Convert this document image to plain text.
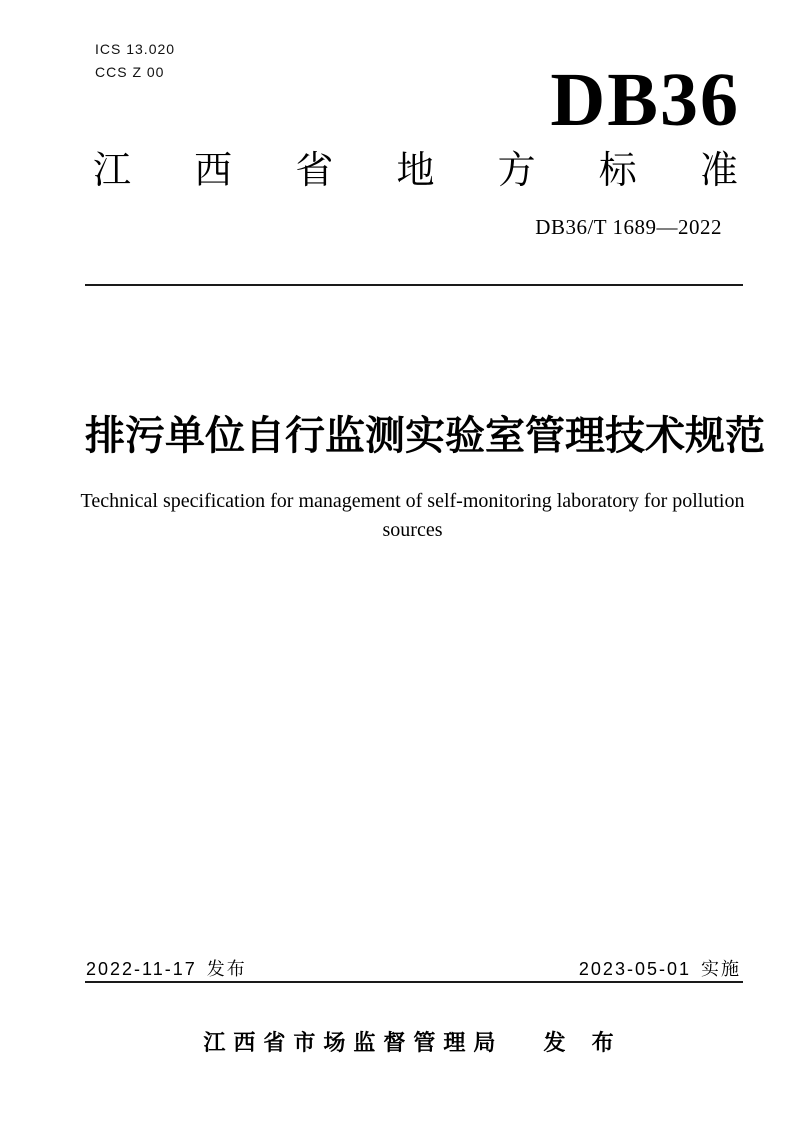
ICS 13.020
CCS Z 00	DB36
江 西 省 地 方 标 准
DB36/T 1689—2022
排污单位自行监测实验室管理技术规范
Technical specification for management of self-monitoring laboratory for pollution sources
2022-11-17 发布	2023-05-01 实施
江西省市场监督管理局 发 布
